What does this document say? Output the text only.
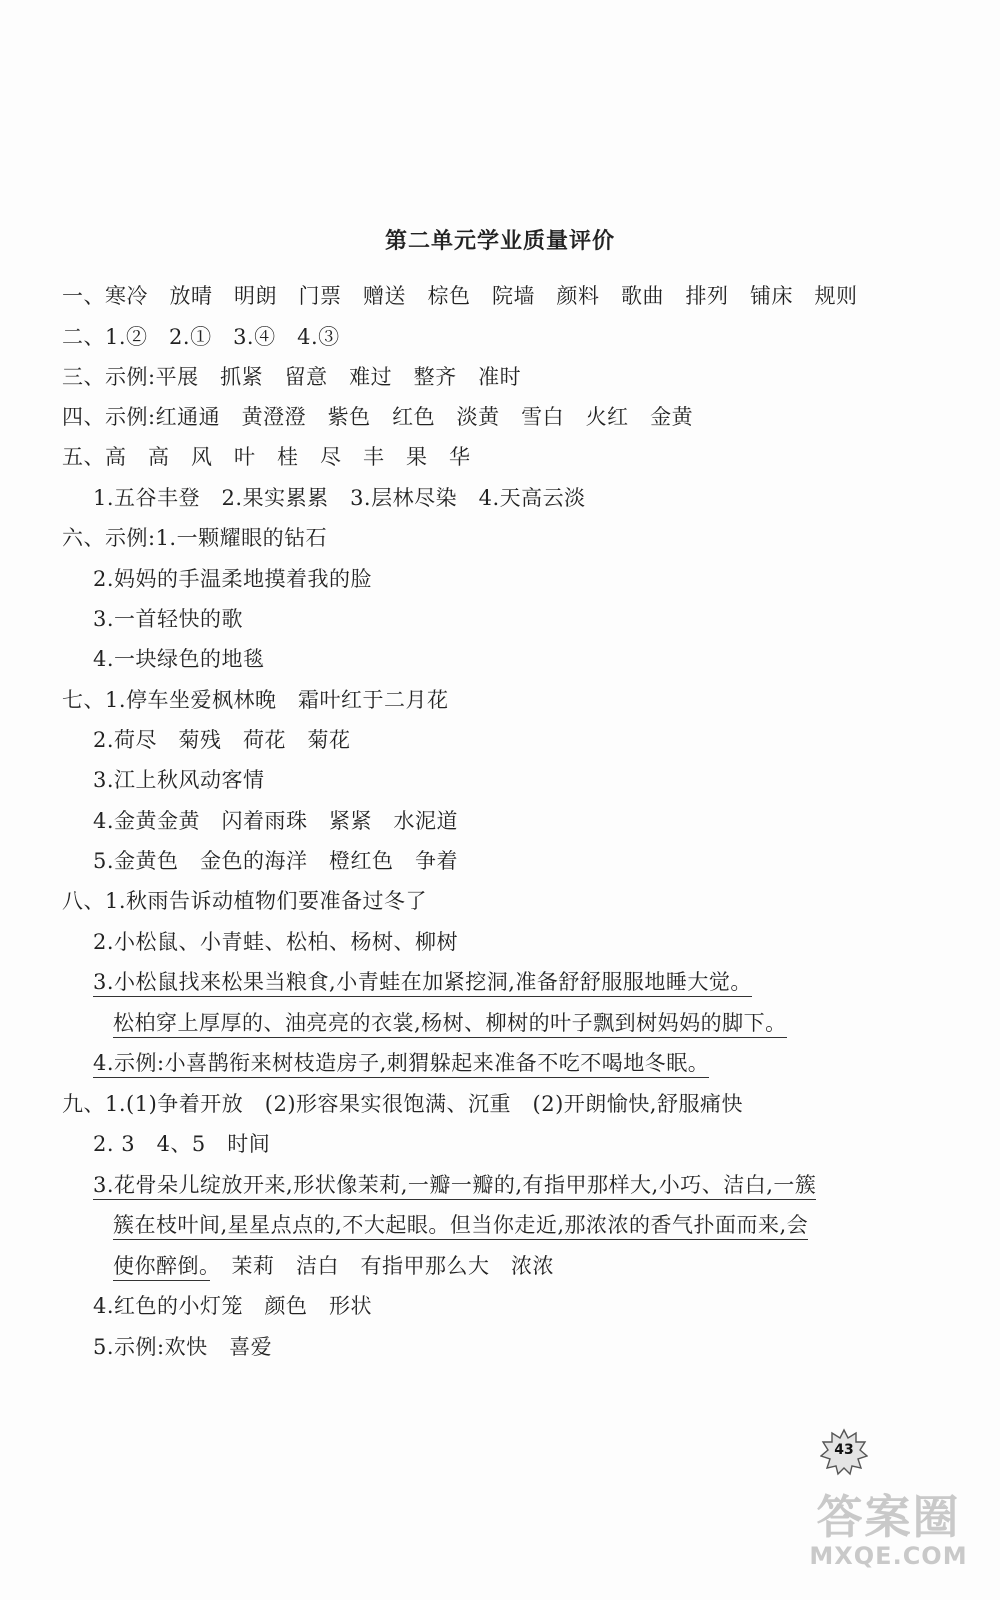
第二单元学业质量评价
一、寒冷　放晴　明朗　门票　赠送　棕色　院墙　颜料　歌曲　排列　铺床　规则
二、1.②　2.①　3.④　4.③
三、示例:平展　抓紧　留意　难过　整齐　准时
四、示例:红通通　黄澄澄　紫色　红色　淡黄　雪白　火红　金黄
五、高　高　风　叶　桂　尽　丰　果　华
1.五谷丰登　2.果实累累　3.层林尽染　4.天高云淡
六、示例:1.一颗耀眼的钻石
2.妈妈的手温柔地摸着我的脸
3.一首轻快的歌
4.一块绿色的地毯
七、1.停车坐爱枫林晚　霜叶红于二月花
2.荷尽　菊残　荷花　菊花
3.江上秋风动客情
4.金黄金黄　闪着雨珠　紧紧　水泥道
5.金黄色　金色的海洋　橙红色　争着
八、1.秋雨告诉动植物们要准备过冬了
2.小松鼠、小青蛙、松柏、杨树、柳树
3.小松鼠找来松果当粮食,小青蛙在加紧挖洞,准备舒舒服服地睡大觉。
松柏穿上厚厚的、油亮亮的衣裳,杨树、柳树的叶子飘到树妈妈的脚下。
4.示例:小喜鹊衔来树枝造房子,刺猬躲起来准备不吃不喝地冬眠。
九、1.(1)争着开放　(2)形容果实很饱满、沉重　(2)开朗愉快,舒服痛快
2. 3　4、5　时间
3.花骨朵儿绽放开来,形状像茉莉,一瓣一瓣的,有指甲那样大,小巧、洁白,一簇
簇在枝叶间,星星点点的,不大起眼。但当你走近,那浓浓的香气扑面而来,会
使你醉倒。　 茉莉　洁白　有指甲那么大　浓浓
4.红色的小灯笼　颜色　形状
5.示例:欢快　喜爱
43
答案圈
MXQE.COM
